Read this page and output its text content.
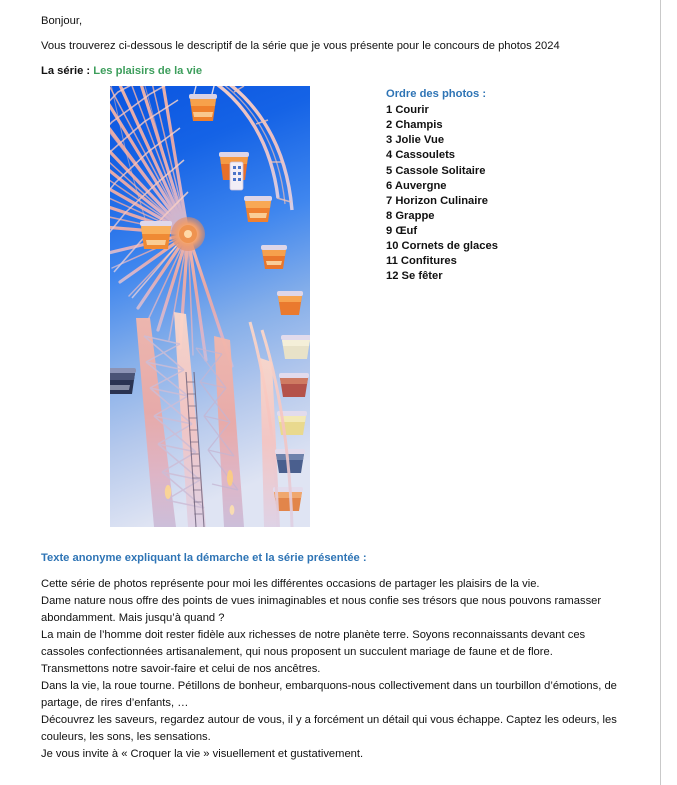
Bonjour,

Vous trouverez ci-dessous le descriptif de la série que je vous présente pour le concours de photos 2024

La série : Les plaisirs de la vie

Ordre des photos :

1 Courir
2 Champis
3 Jolie Vue
4 Cassoulets
5 Cassole Solitaire
6 Auvergne
7 Horizon Culinaire
8 Grappe
9 Œuf
10 Cornets de glaces
11 Confitures
12 Se fêter

Texte anonyme expliquant la démarche et la série présentée :

Cette série de photos représente pour moi les différentes occasions de partager les plaisirs de la vie.

Dame nature nous offre des points de vues inimaginables et nous confie ses trésors que nous pouvons ramasser abondamment. Mais jusqu’à quand ?

La main de l’homme doit rester fidèle aux richesses de notre planète terre. Soyons reconnaissants devant ces cassoles confectionnées artisanalement, qui nous proposent un succulent mariage de faune et de flore.

Transmettons notre savoir-faire et celui de nos ancêtres.

Dans la vie, la roue tourne. Pétillons de bonheur, embarquons-nous collectivement dans un tourbillon d’émotions, de partage, de rires d’enfants, …

Découvrez les saveurs, regardez autour de vous, il y a forcément un détail qui vous échappe. Captez les odeurs, les couleurs, les sons, les sensations.

Je vous invite à « Croquer la vie » visuellement et gustativement.
